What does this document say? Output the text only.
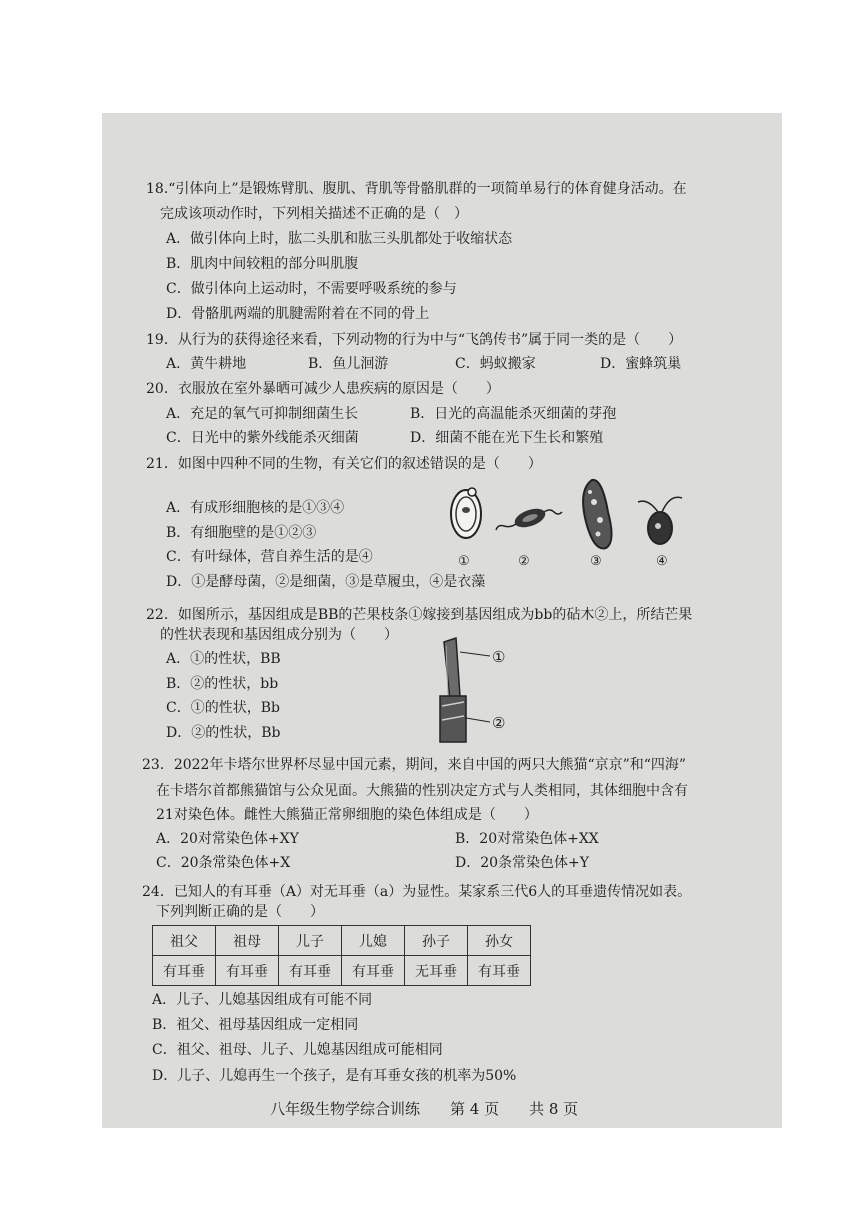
18.“引体向上”是锻炼臂肌、腹肌、背肌等骨骼肌群的一项简单易行的体育健身活动。在
完成该项动作时，下列相关描述不正确的是（　）
A．做引体向上时，肱二头肌和肱三头肌都处于收缩状态
B．肌肉中间较粗的部分叫肌腹
C．做引体向上运动时，不需要呼吸系统的参与
D．骨骼肌两端的肌腱需附着在不同的骨上
19．从行为的获得途径来看，下列动物的行为中与“飞鸽传书”属于同一类的是（　　）
A．黄牛耕地	B．鱼儿洄游	C．蚂蚁搬家	D．蜜蜂筑巢
20．衣服放在室外暴晒可减少人患疾病的原因是（　　）
A．充足的氧气可抑制细菌生长	B．日光的高温能杀灭细菌的芽孢
C．日光中的紫外线能杀灭细菌	D．细菌不能在光下生长和繁殖
21．如图中四种不同的生物，有关它们的叙述错误的是（　　）
A．有成形细胞核的是①③④
B．有细胞壁的是①②③
C．有叶绿体，营自养生活的是④
D．①是酵母菌，②是细菌，③是草履虫，④是衣藻
①	②	③	④
22．如图所示，基因组成是BB的芒果枝条①嫁接到基因组成为bb的砧木②上，所结芒果
的性状表现和基因组成分别为（　　）
A．①的性状，BB
B．②的性状，bb
C．①的性状，Bb
D．②的性状，Bb
①
②
23．2022年卡塔尔世界杯尽显中国元素，期间，来自中国的两只大熊猫“京京”和“四海”
在卡塔尔首都熊猫馆与公众见面。大熊猫的性别决定方式与人类相同，其体细胞中含有
21对染色体。雌性大熊猫正常卵细胞的染色体组成是（　　）
A．20对常染色体+XY	B．20对常染色体+XX
C．20条常染色体+X	D．20条常染色体+Y
24．已知人的有耳垂（A）对无耳垂（a）为显性。某家系三代6人的耳垂遗传情况如表。
下列判断正确的是（　　）
祖父	祖母	儿子	儿媳	孙子	孙女
有耳垂	有耳垂	有耳垂	有耳垂	无耳垂	有耳垂
A．儿子、儿媳基因组成有可能不同
B．祖父、祖母基因组成一定相同
C．祖父、祖母、儿子、儿媳基因组成可能相同
D．儿子、儿媳再生一个孩子，是有耳垂女孩的机率为50%
八年级生物学综合训练　　第 4 页　　共 8 页
